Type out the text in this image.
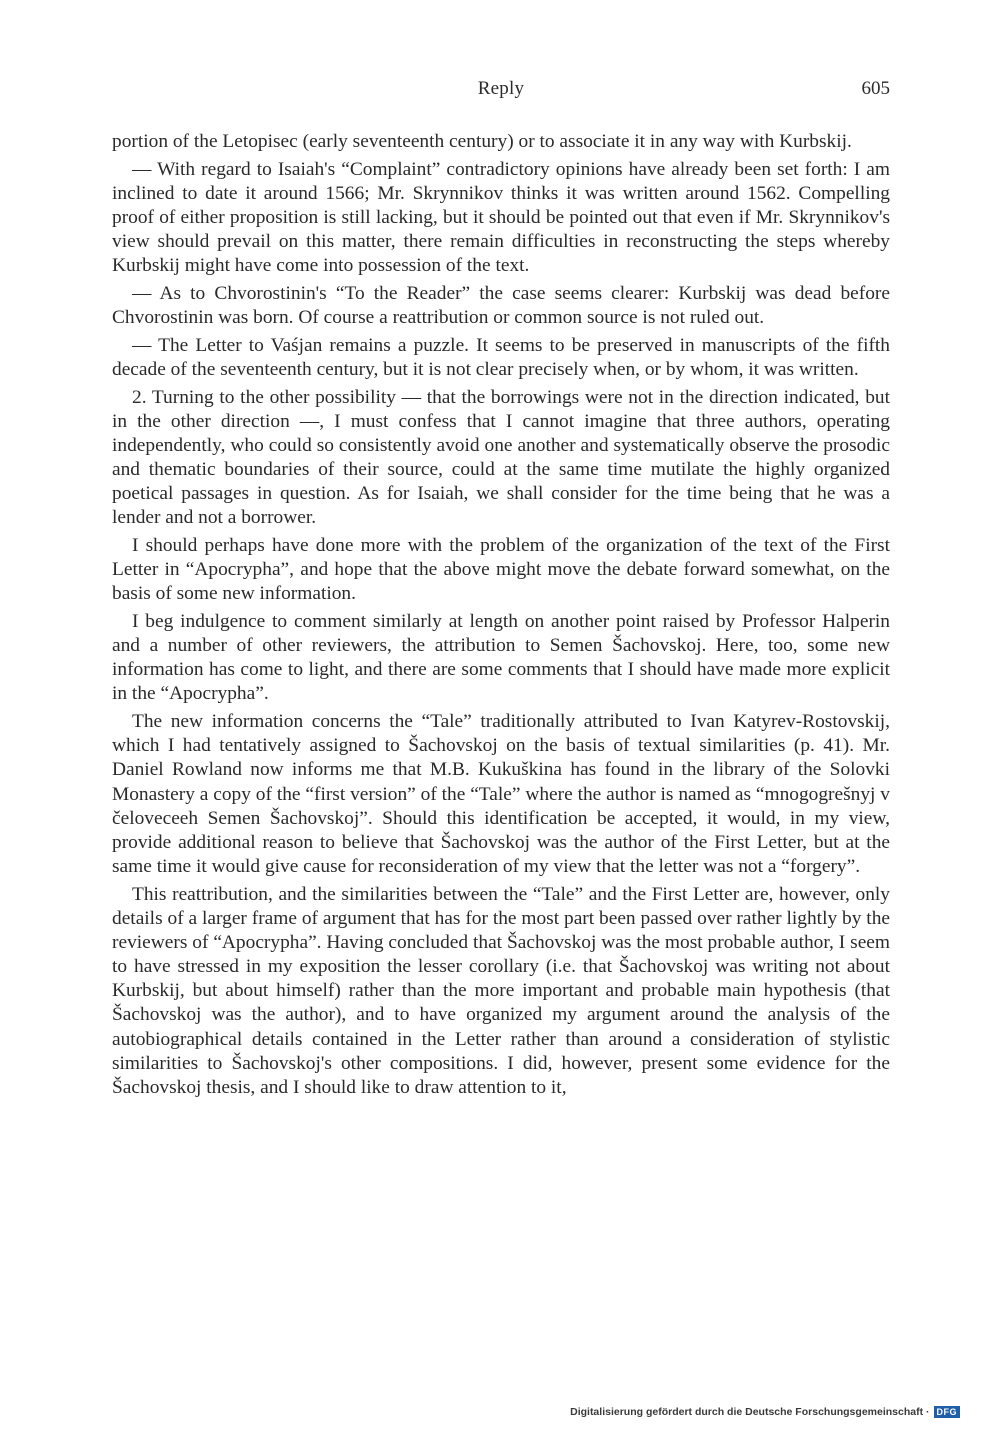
Reply	605

portion of the Letopisec (early seventeenth century) or to associate it in any way with Kurbskij.

— With regard to Isaiah's “Complaint” contradictory opinions have already been set forth: I am inclined to date it around 1566; Mr. Skrynnikov thinks it was written around 1562. Compelling proof of either proposition is still lacking, but it should be pointed out that even if Mr. Skrynnikov's view should prevail on this matter, there remain difficulties in reconstructing the steps whereby Kurbskij might have come into possession of the text.

— As to Chvorostinin's “To the Reader” the case seems clearer: Kurbskij was dead before Chvorostinin was born. Of course a reattribution or common source is not ruled out.

— The Letter to Vaśjan remains a puzzle. It seems to be preserved in manuscripts of the fifth decade of the seventeenth century, but it is not clear precisely when, or by whom, it was written.

2. Turning to the other possibility — that the borrowings were not in the direction indicated, but in the other direction —, I must confess that I cannot imagine that three authors, operating independently, who could so consistently avoid one another and systematically observe the prosodic and thematic boundaries of their source, could at the same time mutilate the highly organized poetical passages in question. As for Isaiah, we shall consider for the time being that he was a lender and not a borrower.

I should perhaps have done more with the problem of the organization of the text of the First Letter in “Apocrypha”, and hope that the above might move the debate forward somewhat, on the basis of some new information.

I beg indulgence to comment similarly at length on another point raised by Professor Halperin and a number of other reviewers, the attribution to Semen Šachovskoj. Here, too, some new information has come to light, and there are some comments that I should have made more explicit in the “Apocrypha”.

The new information concerns the “Tale” traditionally attributed to Ivan Katyrev-Rostovskij, which I had tentatively assigned to Šachovskoj on the basis of textual similarities (p. 41). Mr. Daniel Rowland now informs me that M.B. Kukuškina has found in the library of the Solovki Monastery a copy of the “first version” of the “Tale” where the author is named as “mnogogrešnyj v čeloveceeh Semen Šachovskoj”. Should this identification be accepted, it would, in my view, provide additional reason to believe that Šachovskoj was the author of the First Letter, but at the same time it would give cause for reconsideration of my view that the letter was not a “forgery”.

This reattribution, and the similarities between the “Tale” and the First Letter are, however, only details of a larger frame of argument that has for the most part been passed over rather lightly by the reviewers of “Apocrypha”. Having concluded that Šachovskoj was the most probable author, I seem to have stressed in my exposition the lesser corollary (i.e. that Šachovskoj was writing not about Kurbskij, but about himself) rather than the more important and probable main hypothesis (that Šachovskoj was the author), and to have organized my argument around the analysis of the autobiographical details contained in the Letter rather than around a consideration of stylistic similarities to Šachovskoj's other compositions. I did, however, present some evidence for the Šachovskoj thesis, and I should like to draw attention to it,

Digitalisierung gefördert durch die Deutsche Forschungsgemeinschaft · DFG
